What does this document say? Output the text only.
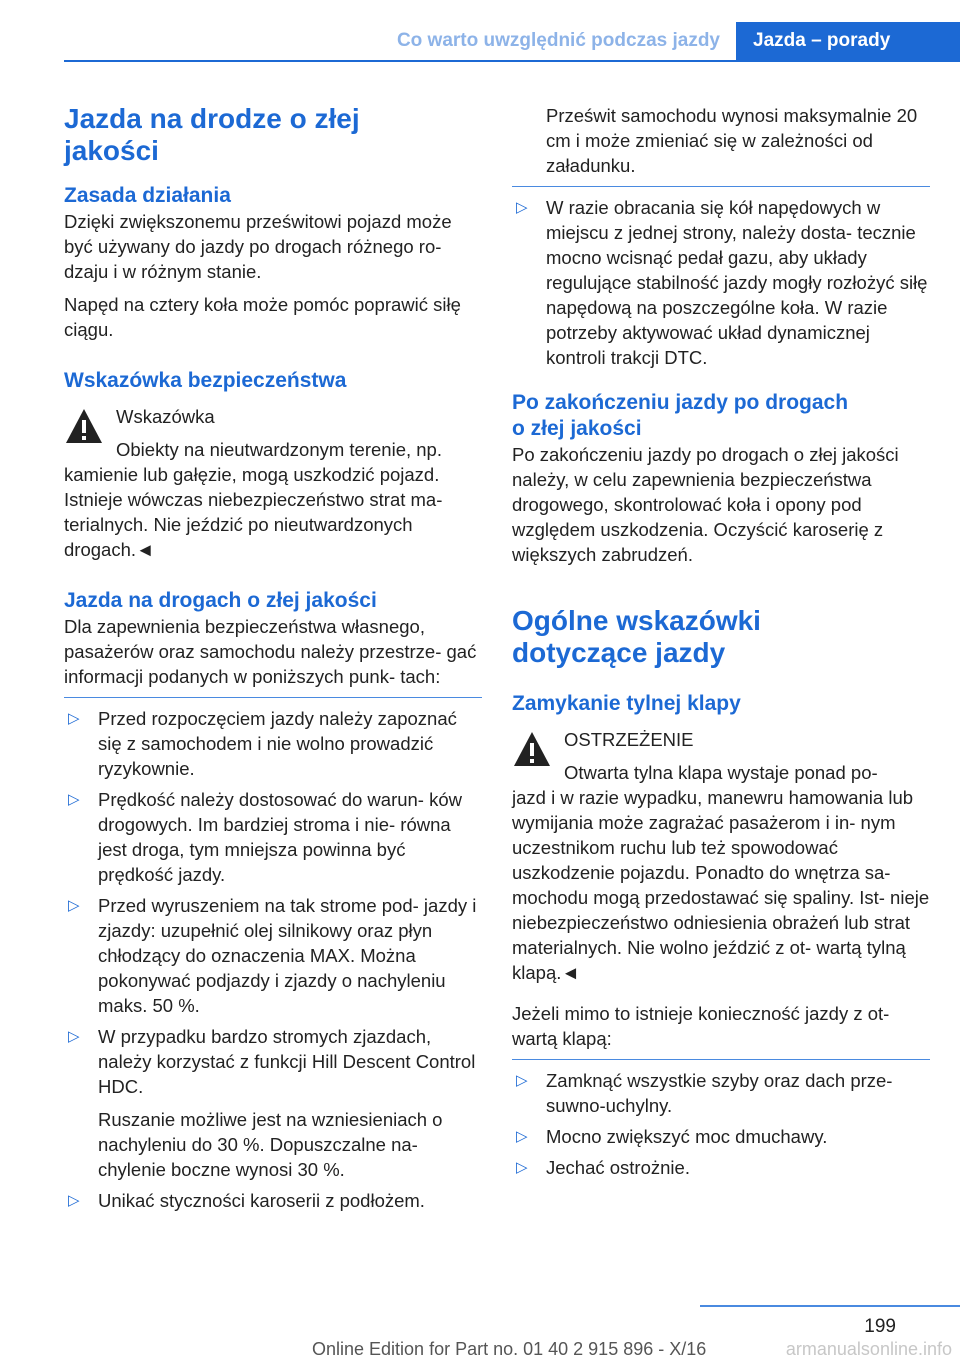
Co warto uwzględnić podczas jazdy	Jazda – porady
Jazda na drodze o złej
jakości
Zasada działania

Dzięki zwiększonemu prześwitowi pojazd może być używany do jazdy po drogach różnego ro- dzaju i w różnym stanie.

Napęd na cztery koła może pomóc poprawić siłę ciągu.

Wskazówka bezpieczeństwa
Wskazówka
Obiekty na nieutwardzonym terenie, np.

kamienie lub gałęzie, mogą uszkodzić pojazd. Istnieje wówczas niebezpieczeństwo strat ma- terialnych. Nie jeździć po nieutwardzonych drogach.◄

Jazda na drogach o złej jakości

Dla zapewnienia bezpieczeństwa własnego, pasażerów oraz samochodu należy przestrze- gać informacji podanych w poniższych punk- tach:

▷ Przed rozpoczęciem jazdy należy zapoznać się z samochodem i nie wolno prowadzić ryzykownie.

▷ Prędkość należy dostosować do warun- ków drogowych. Im bardziej stroma i nie- równa jest droga, tym mniejsza powinna być prędkość jazdy.

▷ Przed wyruszeniem na tak strome pod- jazdy i zjazdy: uzupełnić olej silnikowy oraz płyn chłodzący do oznaczenia MAX. Można pokonywać podjazdy i zjazdy o nachyleniu maks. 50 %.

▷ W przypadku bardzo stromych zjazdach, należy korzystać z funkcji Hill Descent Control HDC.

Ruszanie możliwe jest na wzniesieniach o nachyleniu do 30 %. Dopuszczalne na- chylenie boczne wynosi 30 %.

▷ Unikać styczności karoserii z podłożem.

Prześwit samochodu wynosi maksymalnie 20 cm i może zmieniać się w zależności od załadunku.

▷ W razie obracania się kół napędowych w miejscu z jednej strony, należy dosta- tecznie mocno wcisnąć pedał gazu, aby układy regulujące stabilność jazdy mogły rozłożyć siłę napędową na poszczególne koła. W razie potrzeby aktywować układ dynamicznej kontroli trakcji DTC.

Po zakończeniu jazdy po drogach
o złej jakości

Po zakończeniu jazdy po drogach o złej jakości należy, w celu zapewnienia bezpieczeństwa drogowego, skontrolować koła i opony pod względem uszkodzenia. Oczyścić karoserię z większych zabrudzeń.

Ogólne wskazówki
dotyczące jazdy
Zamykanie tylnej klapy
OSTRZEŻENIE
Otwarta tylna klapa wystaje ponad po-

jazd i w razie wypadku, manewru hamowania lub wymijania może zagrażać pasażerom i in- nym uczestnikom ruchu lub też spowodować uszkodzenie pojazdu. Ponadto do wnętrza sa- mochodu mogą przedostawać się spaliny. Ist- nieje niebezpieczeństwo odniesienia obrażeń lub strat materialnych. Nie wolno jeździć z ot- wartą tylną klapą.◄

Jeżeli mimo to istnieje konieczność jazdy z ot- wartą klapą:

▷ Zamknąć wszystkie szyby oraz dach prze- suwno-uchylny.

▷ Mocno zwiększyć moc dmuchawy.

▷ Jechać ostrożnie.

199
Online Edition for Part no. 01 40 2 915 896 - X/16	armanualsonline.info
